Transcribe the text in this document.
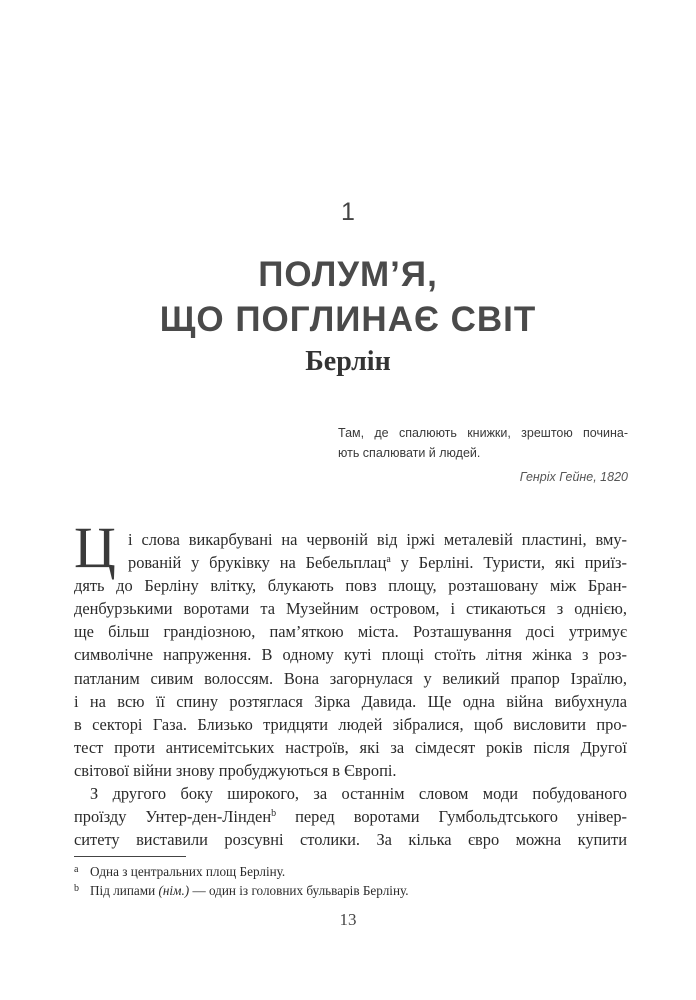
1
ПОЛУМ’Я,
ЩО ПОГЛИНАЄ СВІТ
Берлін
Там, де спалюють книжки, зрештою почина-
ють спалювати й людей.
Генріх Гейне, 1820
Ц і слова викарбувані на червоній від іржі металевій пластині, вму-
рованій у бруківку на Бебельплац$^a$ у Берліні. Туристи, які приїз-
дять до Берліну влітку, блукають повз площу, розташовану між Бран-
денбурзькими воротами та Музейним островом, і стикаються з однією,
ще більш грандіозною, пам’яткою міста. Розташування досі утримує
символічне напруження. В одному куті площі стоїть літня жінка з роз-
патланим сивим волоссям. Вона загорнулася у великий прапор Ізраїлю,
і на всю її спину розтяглася Зірка Давида. Ще одна війна вибухнула
в секторі Газа. Близько тридцяти людей зібралися, щоб висловити про-
тест проти антисемітських настроїв, які за сімдесят років після Другої
світової війни знову пробуджуються в Європі.
З другого боку широкого, за останнім словом моди побудованого
проїзду Унтер-ден-Лінден$^b$ перед воротами Гумбольдтського універ-
ситету виставили розсувні столики. За кілька євро можна купити
a Одна з центральних площ Берліну.
b Під липами (нім.) — один із головних бульварів Берліну.
13
